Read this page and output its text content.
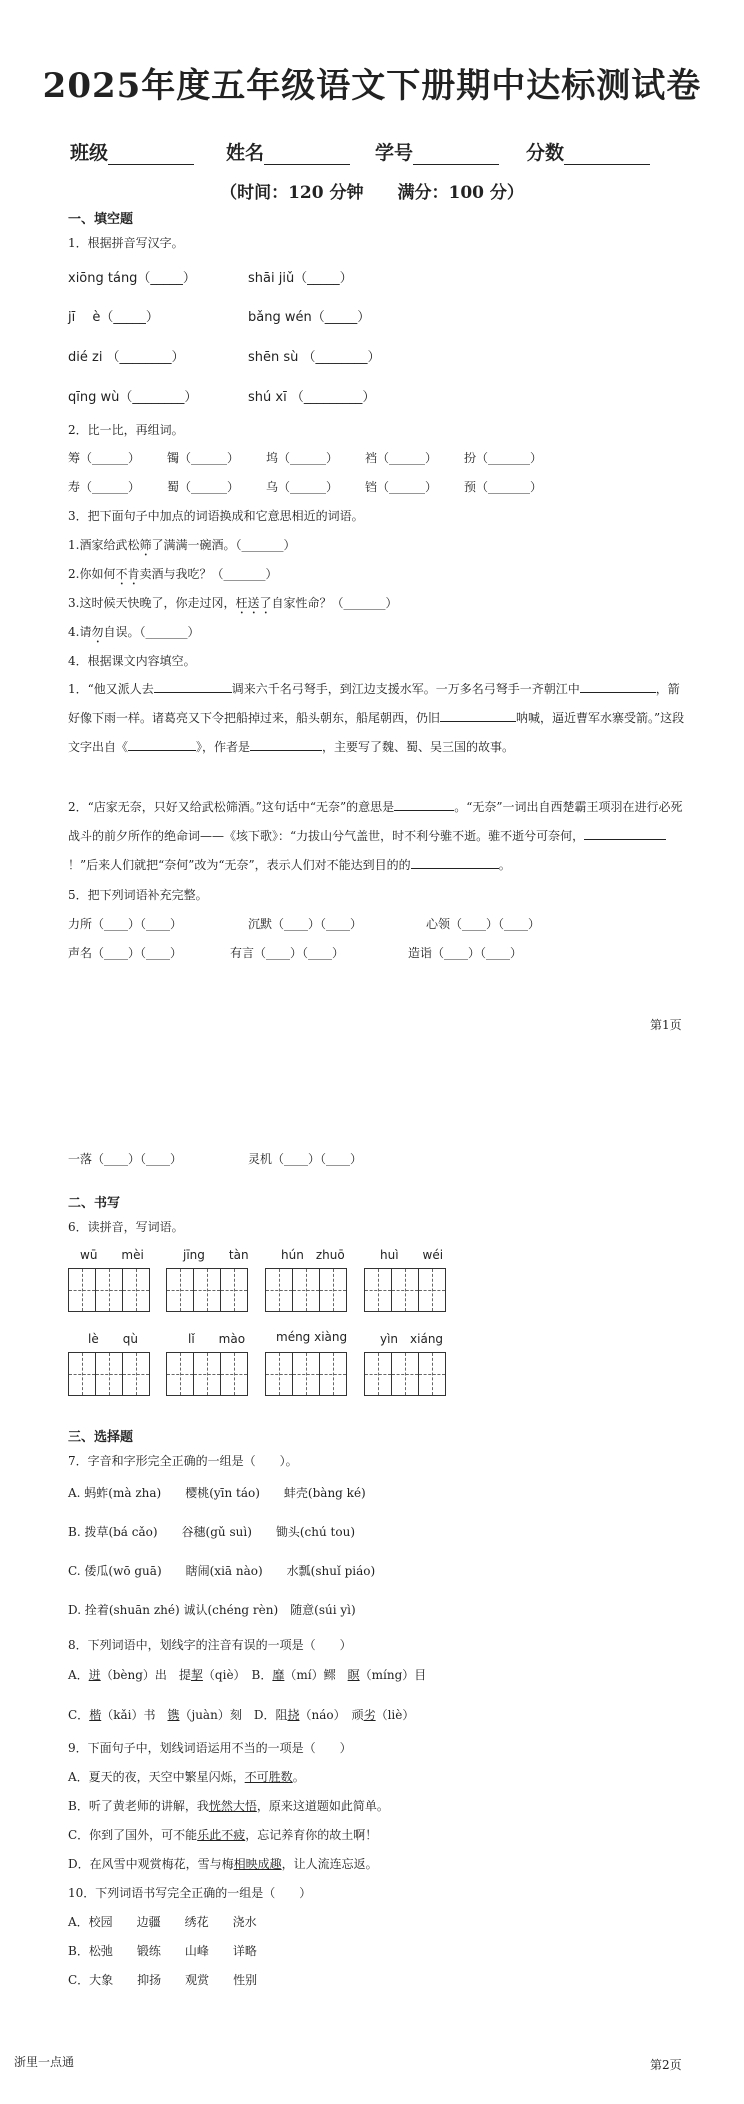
2025年度五年级语文下册期中达标测试卷
班级	姓名	学号	分数
（时间：120 分钟　　满分：100 分）
一、填空题
1．根据拼音写汉字。
xiōng táng（_____）	shāi jiǔ（_____）
jī　 è（_____）	bǎng wén（_____）
dié zi （________）	shēn sù （________）
qīng wù（________）	shú xī （_________）
2．比一比，再组词。
筹（______） 镯（______） 坞（______） 裆（______） 扮（_______）
寿（______） 蜀（______） 乌（______） 铛（______） 预（_______）
3．把下面句子中加点的词语换成和它意思相近的词语。
1.酒家给武松筛了满满一碗酒。（_______）
2.你如何不肯卖酒与我吃？（_______）
3.这时候天快晚了，你走过冈，枉送了自家性命？（_______）
4.请勿自误。（_______）
4．根据课文内容填空。
1．“他又派人去	调来六千名弓弩手，到江边支援水军。一万多名弓弩手一齐朝江中	，箭好像下雨一样。诸葛亮又下令把船掉过来，船头朝东，船尾朝西，仍旧	呐喊，逼近曹军水寨受箭。”这段文字出自《	》，作者是	，主要写了魏、蜀、吴三国的故事。
2．“店家无奈，只好又给武松筛酒。”这句话中“无奈”的意思是	。“无奈”一词出自西楚霸王项羽在进行必死战斗的前夕所作的绝命词——《垓下歌》：“力拔山兮气盖世，时不利兮骓不逝。骓不逝兮可奈何，！”后来人们就把“奈何”改为“无奈”，表示人们对不能达到目的的	。
5．把下列词语补充完整。
力所（____）（____）	沉默（____）（____）	心领（____）（____）
声名（____）（____）	有言（____）（____）	造诣（____）（____）
第1页
一落（____）（____）	灵机（____）（____）
二、书写
6．读拼音，写词语。
wū　　mèi	jīng　　tàn	hún　zhuō	huì　　wéi
lè　　qù	lǐ　　mào	méng xiàng	yìn　xiáng
三、选择题
7．字音和字形完全正确的一组是（　　）。
A. 蚂蚱(mà zha)　　樱桃(yīn táo)　　蚌壳(bàng ké)
B. 拨草(bá cǎo)　　谷穗(gǔ suì)　　锄头(chú tou)
C. 倭瓜(wō guā)　　瞎闹(xiā nào)　　水瓢(shuǐ piáo)
D. 拴着(shuān zhé) 诚认(chéng rèn)　随意(súi yì)
8．下列词语中，划线字的注音有误的一项是（　　）
A．迸（bèng）出　提挈（qiè）　B．靡（mí）鳏　瞑（míng）目
C．楷（kǎi）书　镌（juàn）刻　D．阻挠（náo）　顽劣（liè）
9．下面句子中，划线词语运用不当的一项是（　　）
A．夏天的夜，天空中繁星闪烁，不可胜数。
B．听了黄老师的讲解，我恍然大悟，原来这道题如此简单。
C．你到了国外，可不能乐此不疲，忘记养育你的故土啊！
D．在风雪中观赏梅花，雪与梅相映成趣，让人流连忘返。
10．下列词语书写完全正确的一组是（　　）
A．校园　　边疆　　绣花　　浇水
B．松弛　　锻练　　山峰　　详略
C．大象　　抑扬　　观赏　　性别
浙里一点通	第2页
